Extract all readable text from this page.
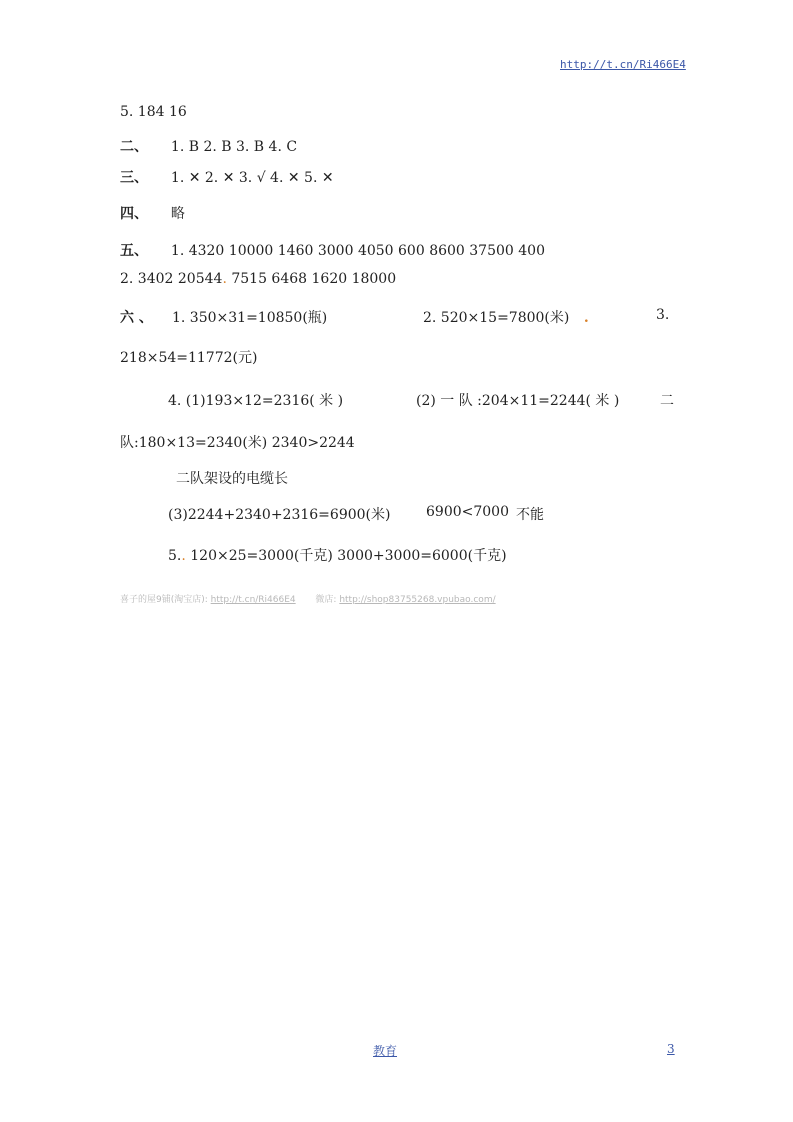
http://t.cn/Ri466E4
5. 184 16
二、 1. B 2. B 3. B 4. C
三、 1. ✕ 2. ✕ 3. √ 4. ✕ 5. ✕
四、 略
五、 1. 4320 10000 1460 3000 4050 600 8600 37500 400
2. 3402 20544. 7515 6468 1620 18000
六 、 1. 350×31=10850(瓶)	2. 520×15=7800(米) .	3.
218×54=11772(元)
4. (1)193×12=2316( 米 )	(2) 一 队 :204×11=2244( 米 )	二
队:180×13=2340(米) 2340>2244
二队架设的电缆长
(3)2244+2340+2316=6900(米)	6900<7000 不能
5.. 120×25=3000(千克) 3000+3000=6000(千克)
喜子的屋9铺(淘宝店): http://t.cn/Ri466E4 微店: http://shop83755268.vpubao.com/
教育	3
